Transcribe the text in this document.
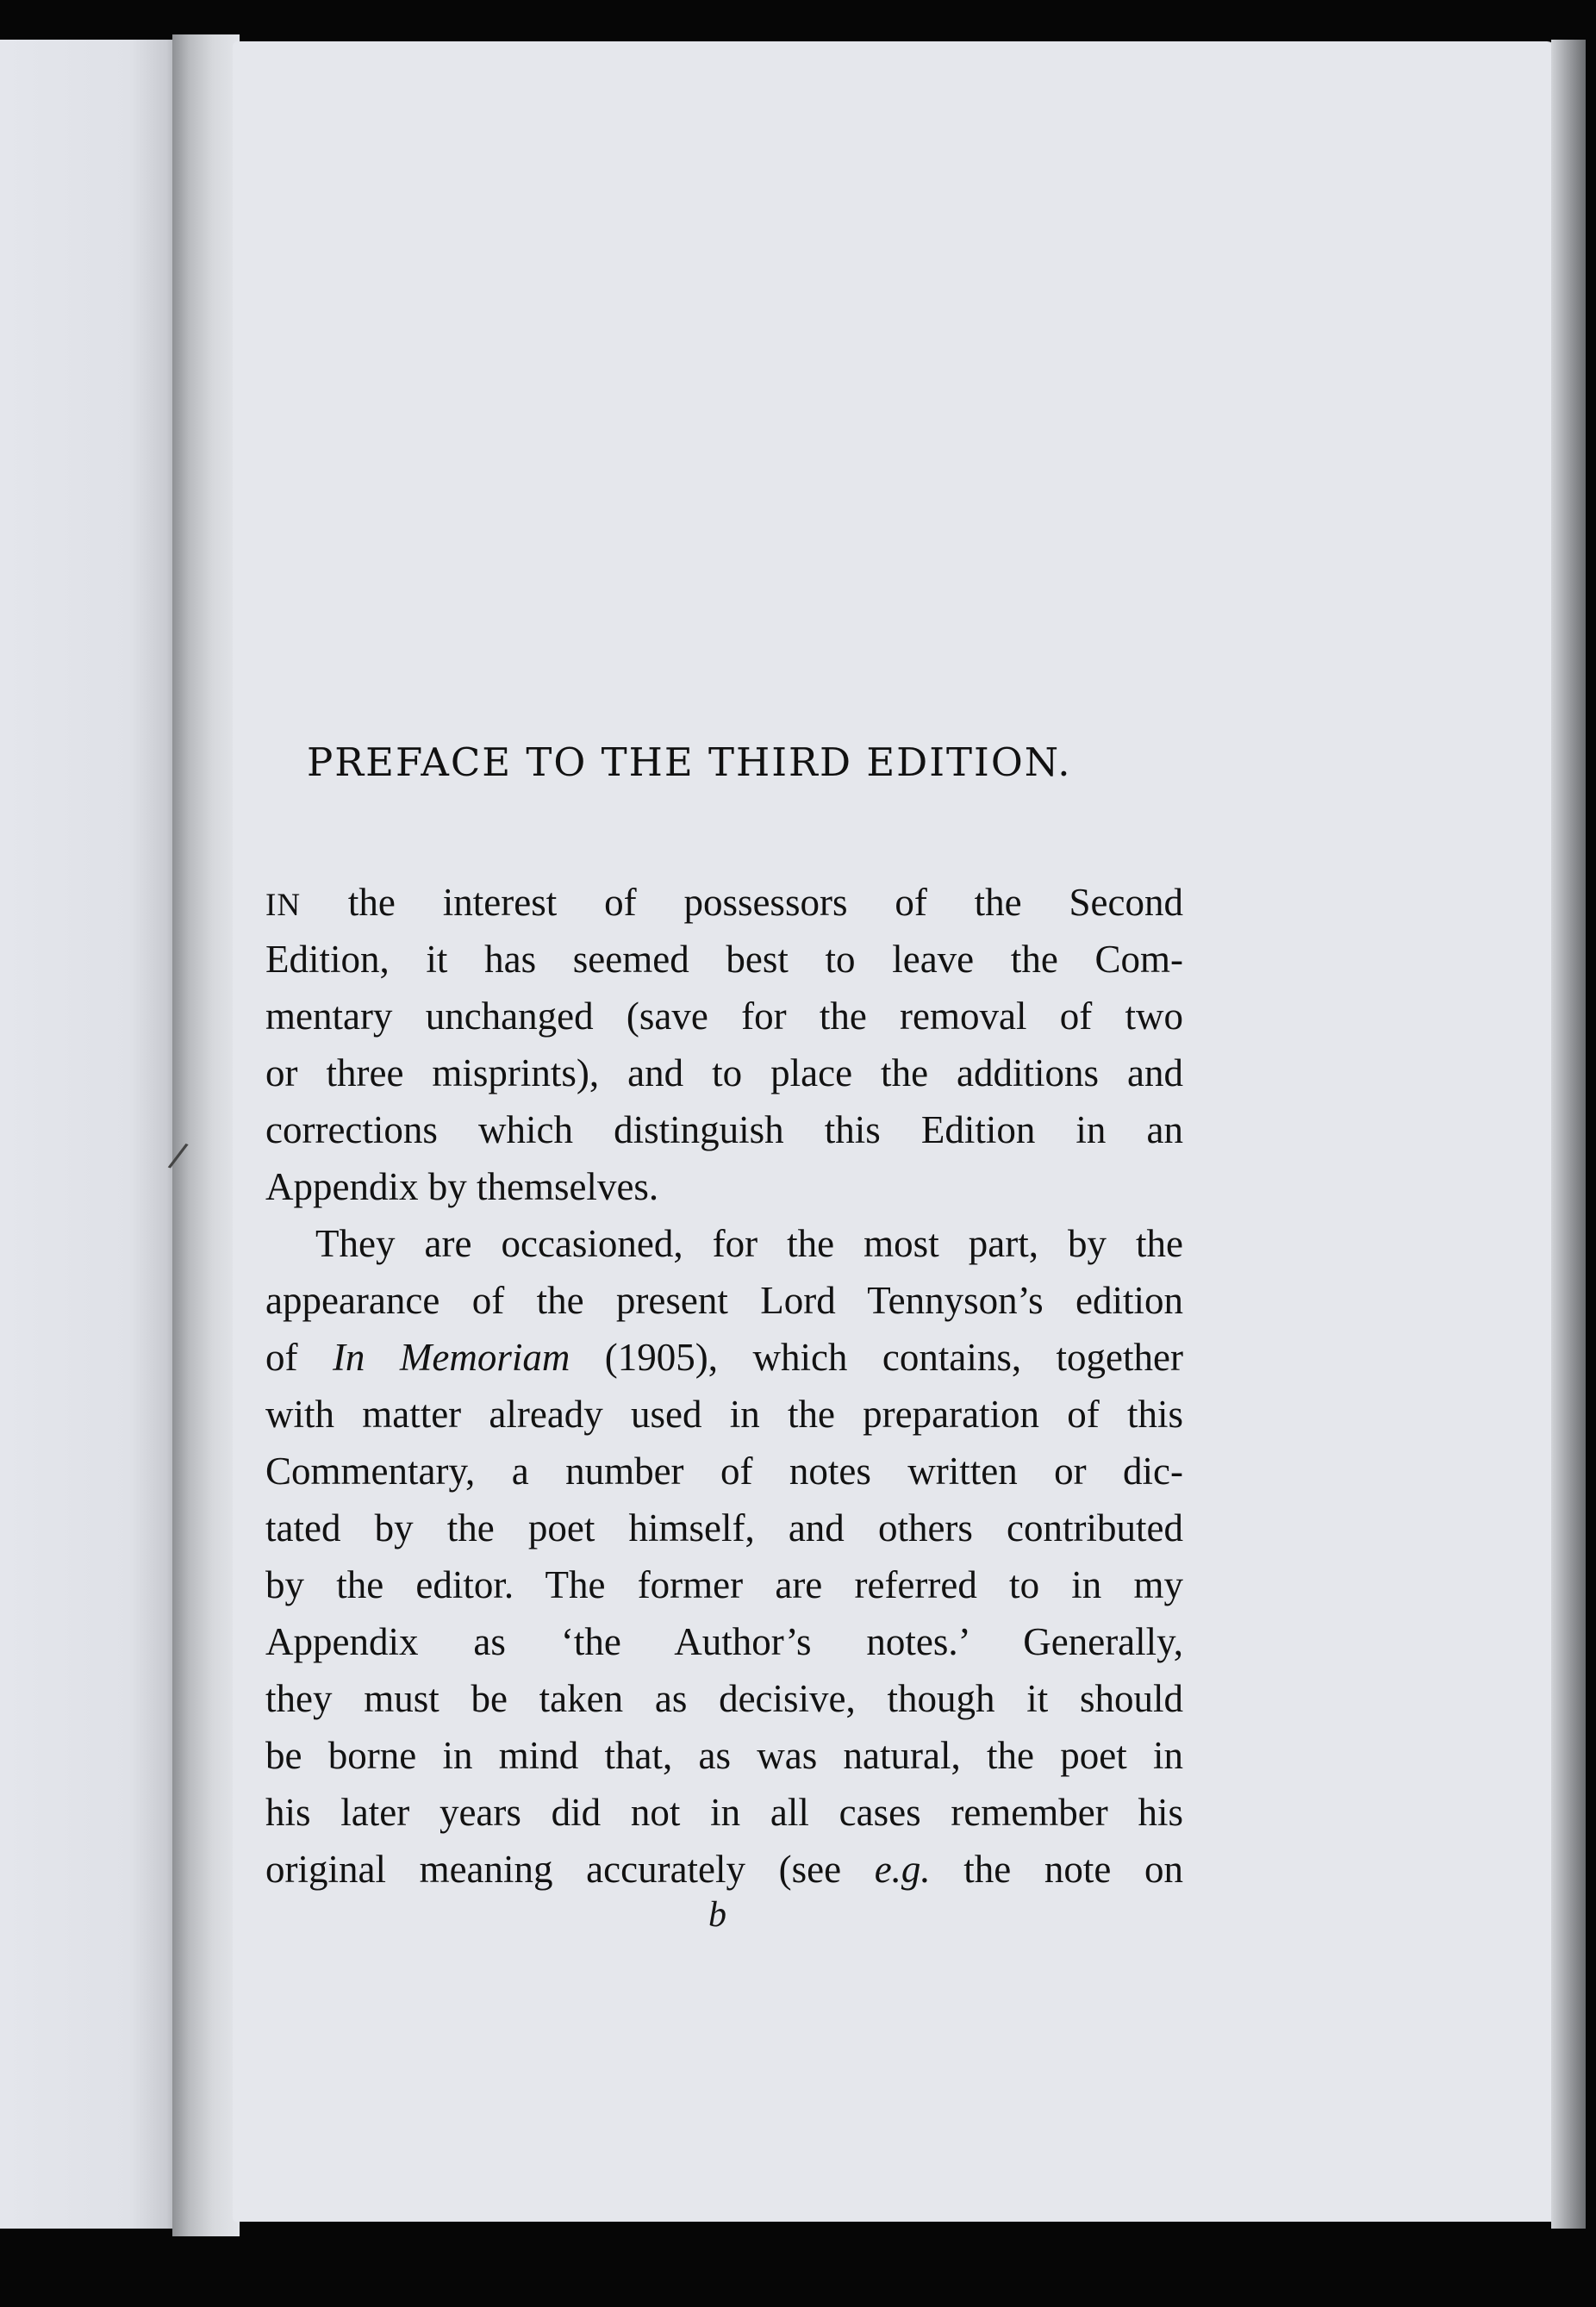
/
PREFACE TO THE THIRD EDITION.
IN the interest of possessors of the Second
Edition, it has seemed best to leave the Com-
mentary unchanged (save for the removal of two
or three misprints), and to place the additions and
corrections which distinguish this Edition in an
Appendix by themselves.
They are occasioned, for the most part, by the
appearance of the present Lord Tennyson’s edition
of In Memoriam (1905), which contains, together
with matter already used in the preparation of this
Commentary, a number of notes written or dic-
tated by the poet himself, and others contributed
by the editor. The former are referred to in my
Appendix as ‘the Author’s notes.’ Generally,
they must be taken as decisive, though it should
be borne in mind that, as was natural, the poet in
his later years did not in all cases remember his
original meaning accurately (see e.g. the note on
b
